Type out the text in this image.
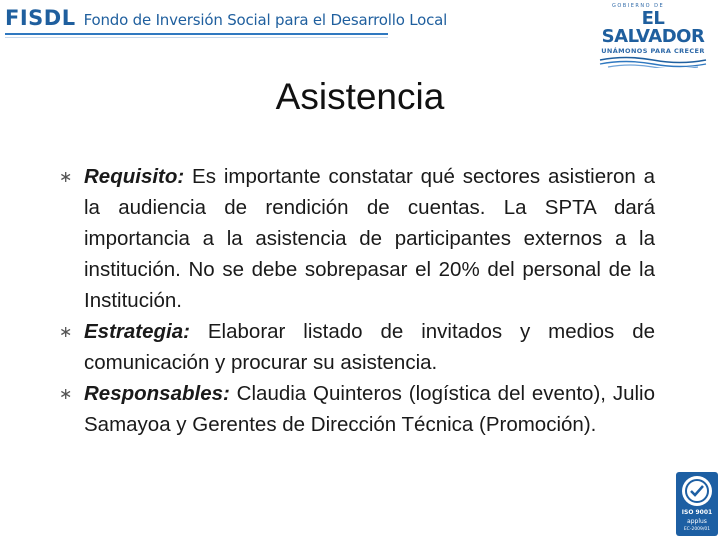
FISDL Fondo de Inversión Social para el Desarrollo Local
GOBIERNO DE
EL SALVADOR
UNÁMONOS PARA CRECER
Asistencia
∗ Requisito: Es importante constatar qué sectores asistieron a la audiencia de rendición de cuentas. La SPTA dará importancia a la asistencia de participantes externos a la institución. No se debe sobrepasar el 20% del personal de la Institución.
∗ Estrategia: Elaborar listado de invitados y medios de comunicación y procurar su asistencia.
∗ Responsables: Claudia Quinteros (logística del evento), Julio Samayoa y Gerentes de Dirección Técnica (Promoción).
ISO 9001
applus
EC-2009/01
